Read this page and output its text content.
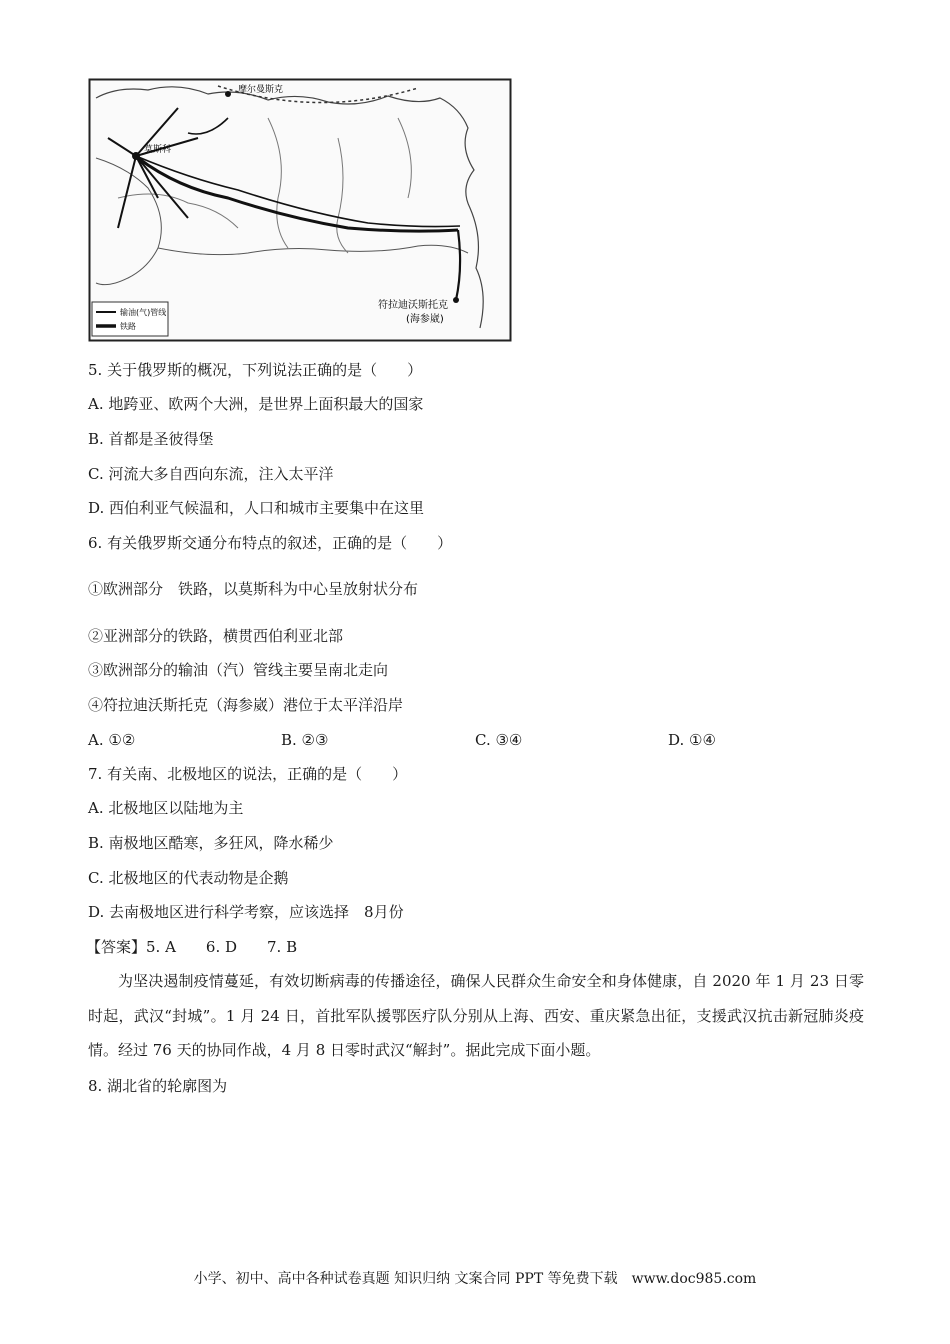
摩尔曼斯克
莫斯科
符拉迪沃斯托克
(海参崴)
输油(气)管线
铁路
5. 关于俄罗斯的概况，下列说法正确的是（　　）
A. 地跨亚、欧两个大洲，是世界上面积最大的国家
B. 首都是圣彼得堡
C. 河流大多自西向东流，注入太平洋
D. 西伯利亚气候温和，人口和城市主要集中在这里
6. 有关俄罗斯交通分布特点的叙述，正确的是（　　）
①欧洲部分　铁路，以莫斯科为中心呈放射状分布
②亚洲部分的铁路，横贯西伯利亚北部
③欧洲部分的输油（汽）管线主要呈南北走向
④符拉迪沃斯托克（海参崴）港位于太平洋沿岸
A. ①②	B. ②③	C. ③④	D. ①④
7. 有关南、北极地区的说法，正确的是（　　）
A. 北极地区以陆地为主
B. 南极地区酷寒，多狂风，降水稀少
C. 北极地区的代表动物是企鹅
D. 去南极地区进行科学考察，应该选择　8月份
【答案】5. A　　6. D　　7. B
为坚决遏制疫情蔓延，有效切断病毒的传播途径，确保人民群众生命安全和身体健康，自 2020 年 1 月 23 日零时起，武汉“封城”。1 月 24 日，首批军队援鄂医疗队分别从上海、西安、重庆紧急出征，支援武汉抗击新冠肺炎疫情。经过 76 天的协同作战，4 月 8 日零时武汉“解封”。据此完成下面小题。
8. 湖北省的轮廓图为
小学、初中、高中各种试卷真题 知识归纳 文案合同 PPT 等免费下载　www.doc985.com
